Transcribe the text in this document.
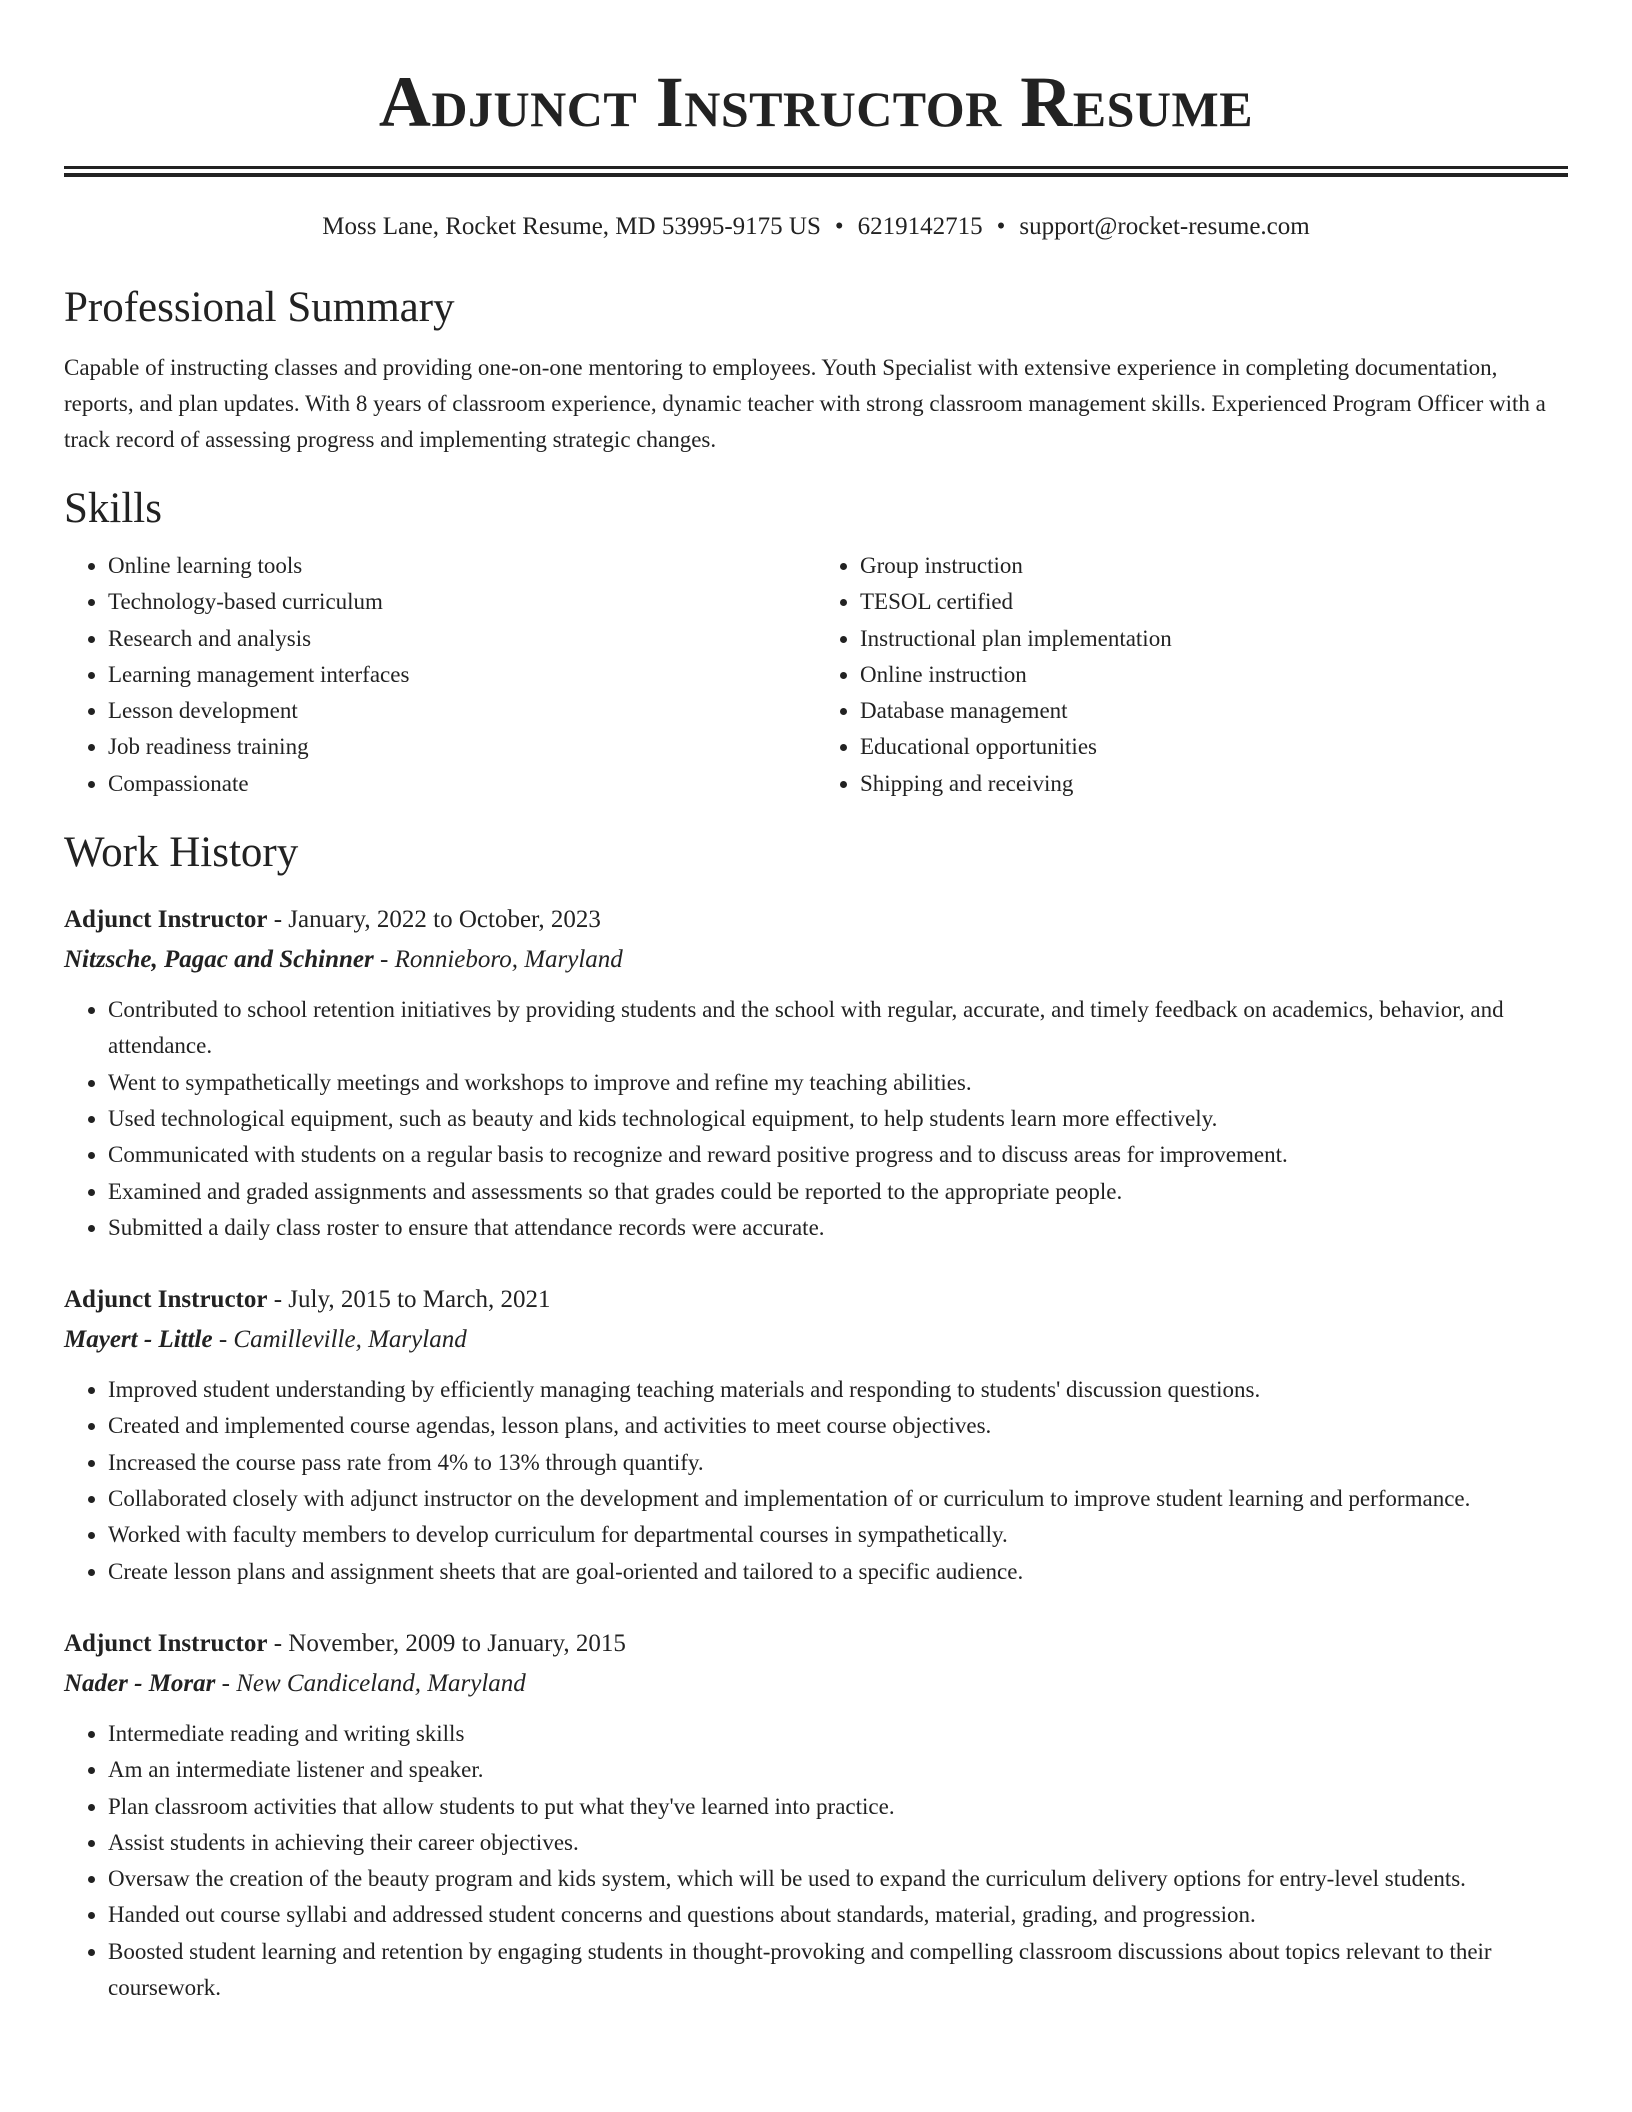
Adjunct Instructor Resume
Moss Lane, Rocket Resume, MD 53995-9175 US • 6219142715 • support@rocket-resume.com
Professional Summary

Capable of instructing classes and providing one-on-one mentoring to employees. Youth Specialist with extensive experience in completing documentation, reports, and plan updates. With 8 years of classroom experience, dynamic teacher with strong classroom management skills. Experienced Program Officer with a track record of assessing progress and implementing strategic changes.

Skills
• Online learning tools
• Technology-based curriculum
• Research and analysis
• Learning management interfaces
• Lesson development
• Job readiness training
• Compassionate
• Group instruction
• TESOL certified
• Instructional plan implementation
• Online instruction
• Database management
• Educational opportunities
• Shipping and receiving
Work History
Adjunct Instructor - January, 2022 to October, 2023
Nitzsche, Pagac and Schinner - Ronnieboro, Maryland
• Contributed to school retention initiatives by providing students and the school with regular, accurate, and timely feedback on academics, behavior, and attendance.
• Went to sympathetically meetings and workshops to improve and refine my teaching abilities.
• Used technological equipment, such as beauty and kids technological equipment, to help students learn more effectively.
• Communicated with students on a regular basis to recognize and reward positive progress and to discuss areas for improvement.
• Examined and graded assignments and assessments so that grades could be reported to the appropriate people.
• Submitted a daily class roster to ensure that attendance records were accurate.
Adjunct Instructor - July, 2015 to March, 2021
Mayert - Little - Camilleville, Maryland
• Improved student understanding by efficiently managing teaching materials and responding to students' discussion questions.
• Created and implemented course agendas, lesson plans, and activities to meet course objectives.
• Increased the course pass rate from 4% to 13% through quantify.
• Collaborated closely with adjunct instructor on the development and implementation of or curriculum to improve student learning and performance.
• Worked with faculty members to develop curriculum for departmental courses in sympathetically.
• Create lesson plans and assignment sheets that are goal-oriented and tailored to a specific audience.
Adjunct Instructor - November, 2009 to January, 2015
Nader - Morar - New Candiceland, Maryland
• Intermediate reading and writing skills
• Am an intermediate listener and speaker.
• Plan classroom activities that allow students to put what they've learned into practice.
• Assist students in achieving their career objectives.
• Oversaw the creation of the beauty program and kids system, which will be used to expand the curriculum delivery options for entry-level students.
• Handed out course syllabi and addressed student concerns and questions about standards, material, grading, and progression.
• Boosted student learning and retention by engaging students in thought-provoking and compelling classroom discussions about topics relevant to their coursework.
